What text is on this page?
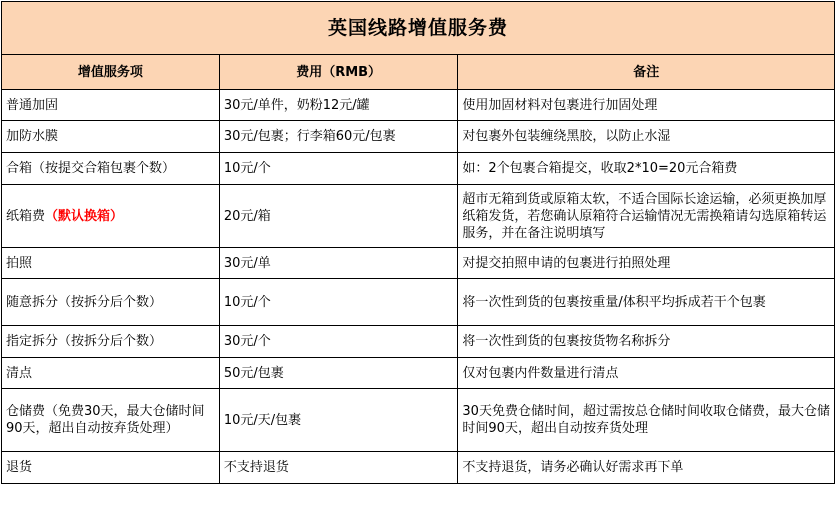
英国线路增值服务费		
增值服务项	费用（RMB）	备注
普通加固	30元/单件，奶粉12元/罐	使用加固材料对包裹进行加固处理
加防水膜	30元/包裹；行李箱60元/包裹	对包裹外包装缠绕黑胶，以防止水湿
合箱（按提交合箱包裹个数）	10元/个	如：2个包裹合箱提交，收取2*10=20元合箱费
纸箱费（默认换箱）	20元/箱	超市无箱到货或原箱太软，不适合国际长途运输，必须更换加厚纸箱发货，若您确认原箱符合运输情况无需换箱请勾选原箱转运服务，并在备注说明填写
拍照	30元/单	对提交拍照申请的包裹进行拍照处理
随意拆分（按拆分后个数）	10元/个	将一次性到货的包裹按重量/体积平均拆成若干个包裹
指定拆分（按拆分后个数）	30元/个	将一次性到货的包裹按货物名称拆分
清点	50元/包裹	仅对包裹内件数量进行清点
仓储费（免费30天，最大仓储时间90天，超出自动按弃货处理）	10元/天/包裹	30天免费仓储时间，超过需按总仓储时间收取仓储费，最大仓储时间90天，超出自动按弃货处理
退货	不支持退货	不支持退货，请务必确认好需求再下单
